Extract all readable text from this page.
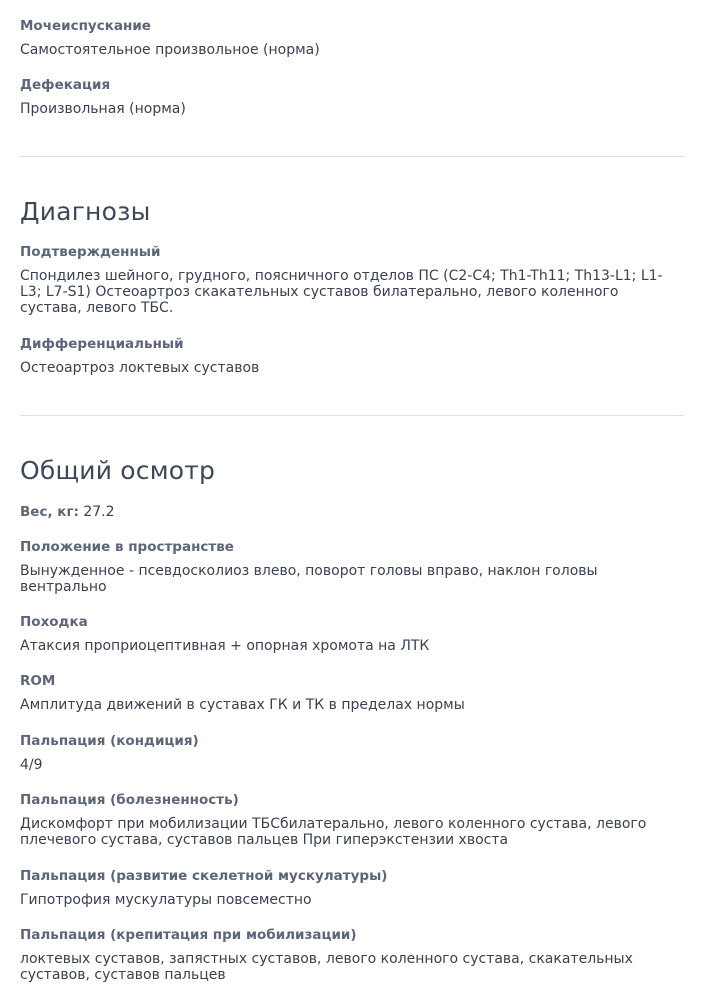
Мочеиспускание
Самостоятельное произвольное (норма)
Дефекация
Произвольная (норма)
Диагнозы
Подтвержденный
Спондилез шейного, грудного, поясничного отделов ПС (C2-C4; Th1-Th11; Th13-L1; L1-L3; L7-S1) Остеоартроз скакательных суставов билатерально, левого коленного сустава, левого ТБС.
Дифференциальный
Остеоартроз локтевых суставов
Общий осмотр
Вес, кг: 27.2
Положение в пространстве
Вынужденное - псевдосколиоз влево, поворот головы вправо, наклон головы вентрально
Походка
Атаксия проприоцептивная + опорная хромота на ЛТК
ROM
Амплитуда движений в суставах ГК и ТК в пределах нормы
Пальпация (кондиция)
4/9
Пальпация (болезненность)
Дискомфорт при мобилизации ТБСбилатерально, левого коленного сустава, левого плечевого сустава, суставов пальцев При гиперэкстензии хвоста
Пальпация (развитие скелетной мускулатуры)
Гипотрофия мускулатуры повсеместно
Пальпация (крепитация при мобилизации)
локтевых суставов, запястных суставов, левого коленного сустава, скакательных суставов, суставов пальцев
